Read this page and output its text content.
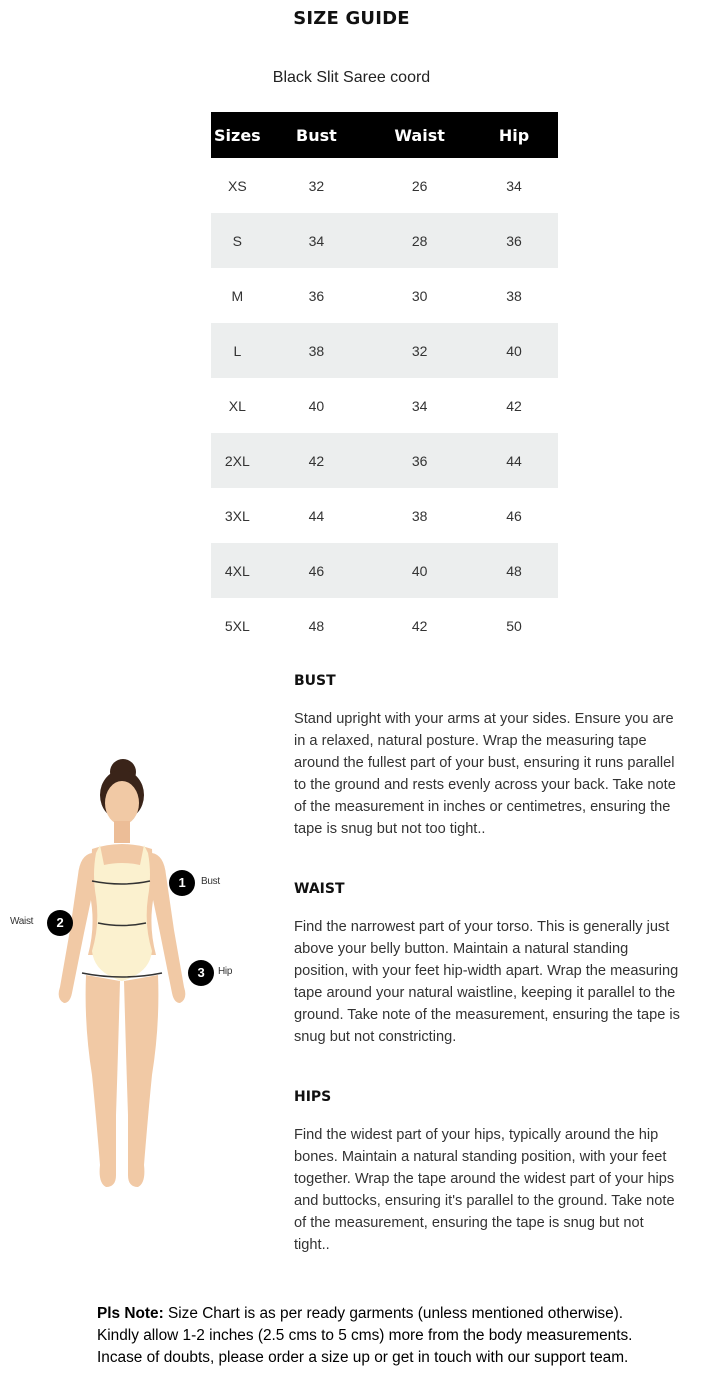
SIZE GUIDE
Black Slit Saree coord
Sizes	Bust	Waist	Hip
XS	32	26	34
S	34	28	36
M	36	30	38
L	38	32	40
XL	40	34	42
2XL	42	36	44
3XL	44	38	46
4XL	46	40	48
5XL	48	42	50
1	Bust
2
Waist
3	Hip
BUST
Stand upright with your arms at your sides. Ensure you are in a relaxed, natural posture. Wrap the measuring tape around the fullest part of your bust, ensuring it runs parallel to the ground and rests evenly across your back. Take note of the measurement in inches or centimetres, ensuring the tape is snug but not too tight..
WAIST
Find the narrowest part of your torso. This is generally just above your belly button. Maintain a natural standing position, with your feet hip-width apart. Wrap the measuring tape around your natural waistline, keeping it parallel to the ground. Take note of the measurement, ensuring the tape is snug but not constricting.
HIPS
Find the widest part of your hips, typically around the hip bones. Maintain a natural standing position, with your feet together. Wrap the tape around the widest part of your hips and buttocks, ensuring it's parallel to the ground. Take note of the measurement, ensuring the tape is snug but not tight..
Pls Note: Size Chart is as per ready garments (unless mentioned otherwise).
Kindly allow 1-2 inches (2.5 cms to 5 cms) more from the body measurements.
Incase of doubts, please order a size up or get in touch with our support team.
